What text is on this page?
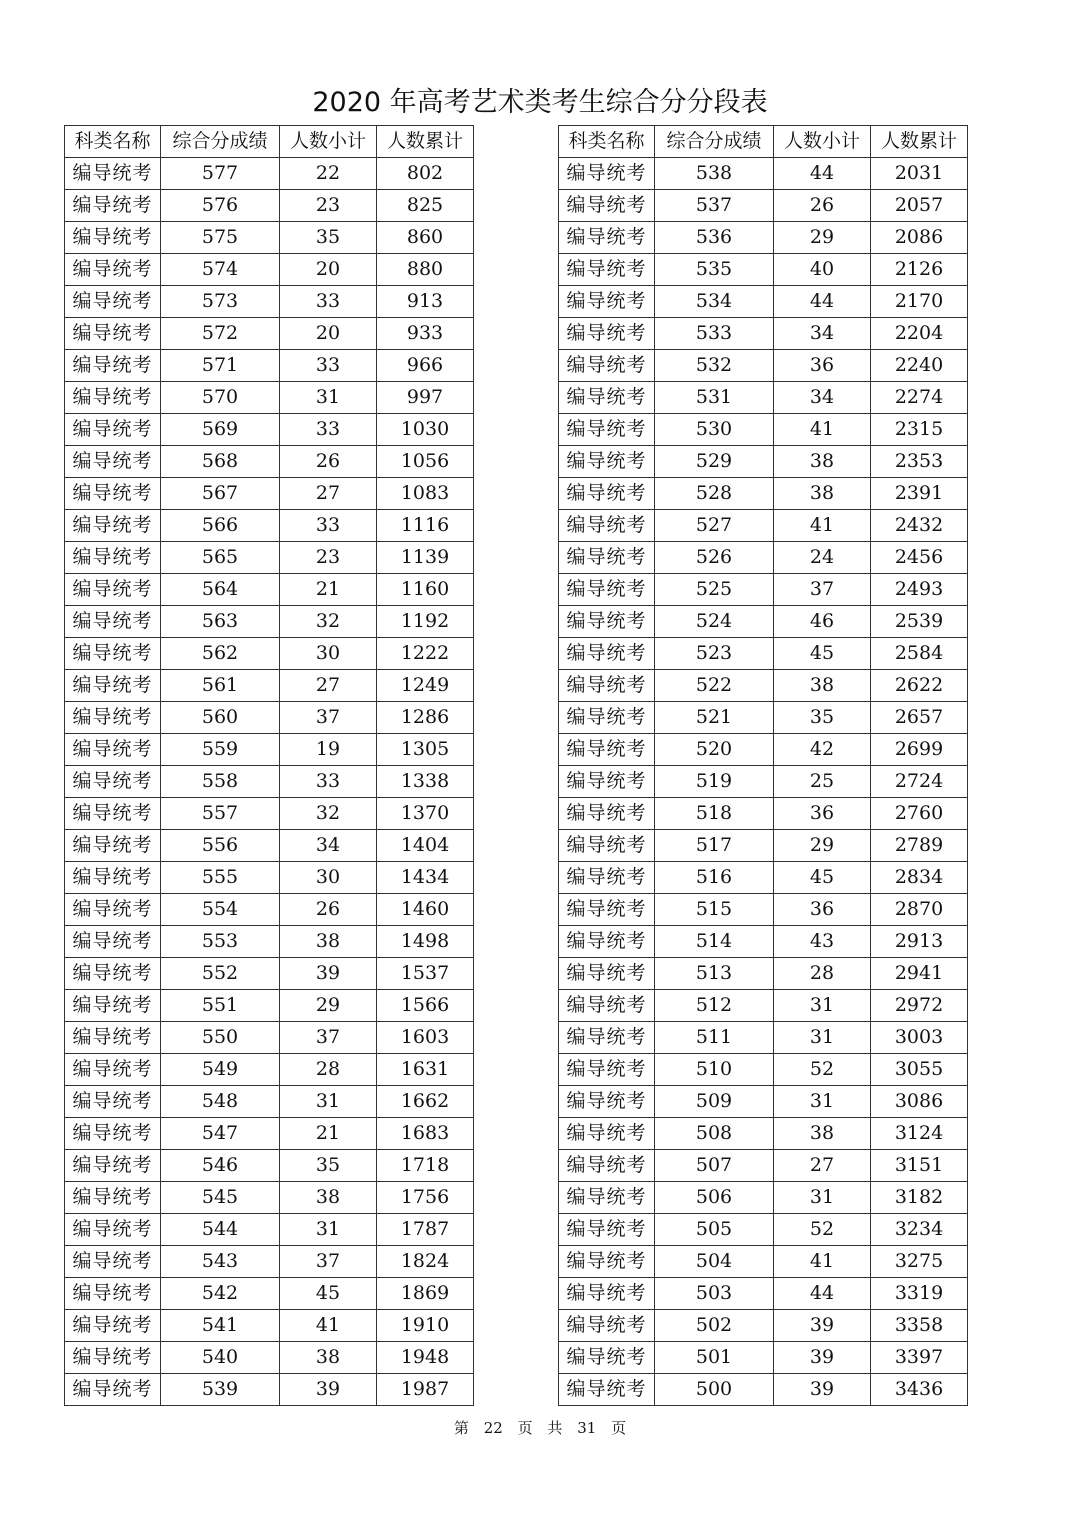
2020 年高考艺术类考生综合分分段表
科类名称	综合分成绩	人数小计	人数累计
编导统考	577	22	802
编导统考	576	23	825
编导统考	575	35	860
编导统考	574	20	880
编导统考	573	33	913
编导统考	572	20	933
编导统考	571	33	966
编导统考	570	31	997
编导统考	569	33	1030
编导统考	568	26	1056
编导统考	567	27	1083
编导统考	566	33	1116
编导统考	565	23	1139
编导统考	564	21	1160
编导统考	563	32	1192
编导统考	562	30	1222
编导统考	561	27	1249
编导统考	560	37	1286
编导统考	559	19	1305
编导统考	558	33	1338
编导统考	557	32	1370
编导统考	556	34	1404
编导统考	555	30	1434
编导统考	554	26	1460
编导统考	553	38	1498
编导统考	552	39	1537
编导统考	551	29	1566
编导统考	550	37	1603
编导统考	549	28	1631
编导统考	548	31	1662
编导统考	547	21	1683
编导统考	546	35	1718
编导统考	545	38	1756
编导统考	544	31	1787
编导统考	543	37	1824
编导统考	542	45	1869
编导统考	541	41	1910
编导统考	540	38	1948
编导统考	539	39	1987
科类名称	综合分成绩	人数小计	人数累计
编导统考	538	44	2031
编导统考	537	26	2057
编导统考	536	29	2086
编导统考	535	40	2126
编导统考	534	44	2170
编导统考	533	34	2204
编导统考	532	36	2240
编导统考	531	34	2274
编导统考	530	41	2315
编导统考	529	38	2353
编导统考	528	38	2391
编导统考	527	41	2432
编导统考	526	24	2456
编导统考	525	37	2493
编导统考	524	46	2539
编导统考	523	45	2584
编导统考	522	38	2622
编导统考	521	35	2657
编导统考	520	42	2699
编导统考	519	25	2724
编导统考	518	36	2760
编导统考	517	29	2789
编导统考	516	45	2834
编导统考	515	36	2870
编导统考	514	43	2913
编导统考	513	28	2941
编导统考	512	31	2972
编导统考	511	31	3003
编导统考	510	52	3055
编导统考	509	31	3086
编导统考	508	38	3124
编导统考	507	27	3151
编导统考	506	31	3182
编导统考	505	52	3234
编导统考	504	41	3275
编导统考	503	44	3319
编导统考	502	39	3358
编导统考	501	39	3397
编导统考	500	39	3436
第 22 页 共 31 页
